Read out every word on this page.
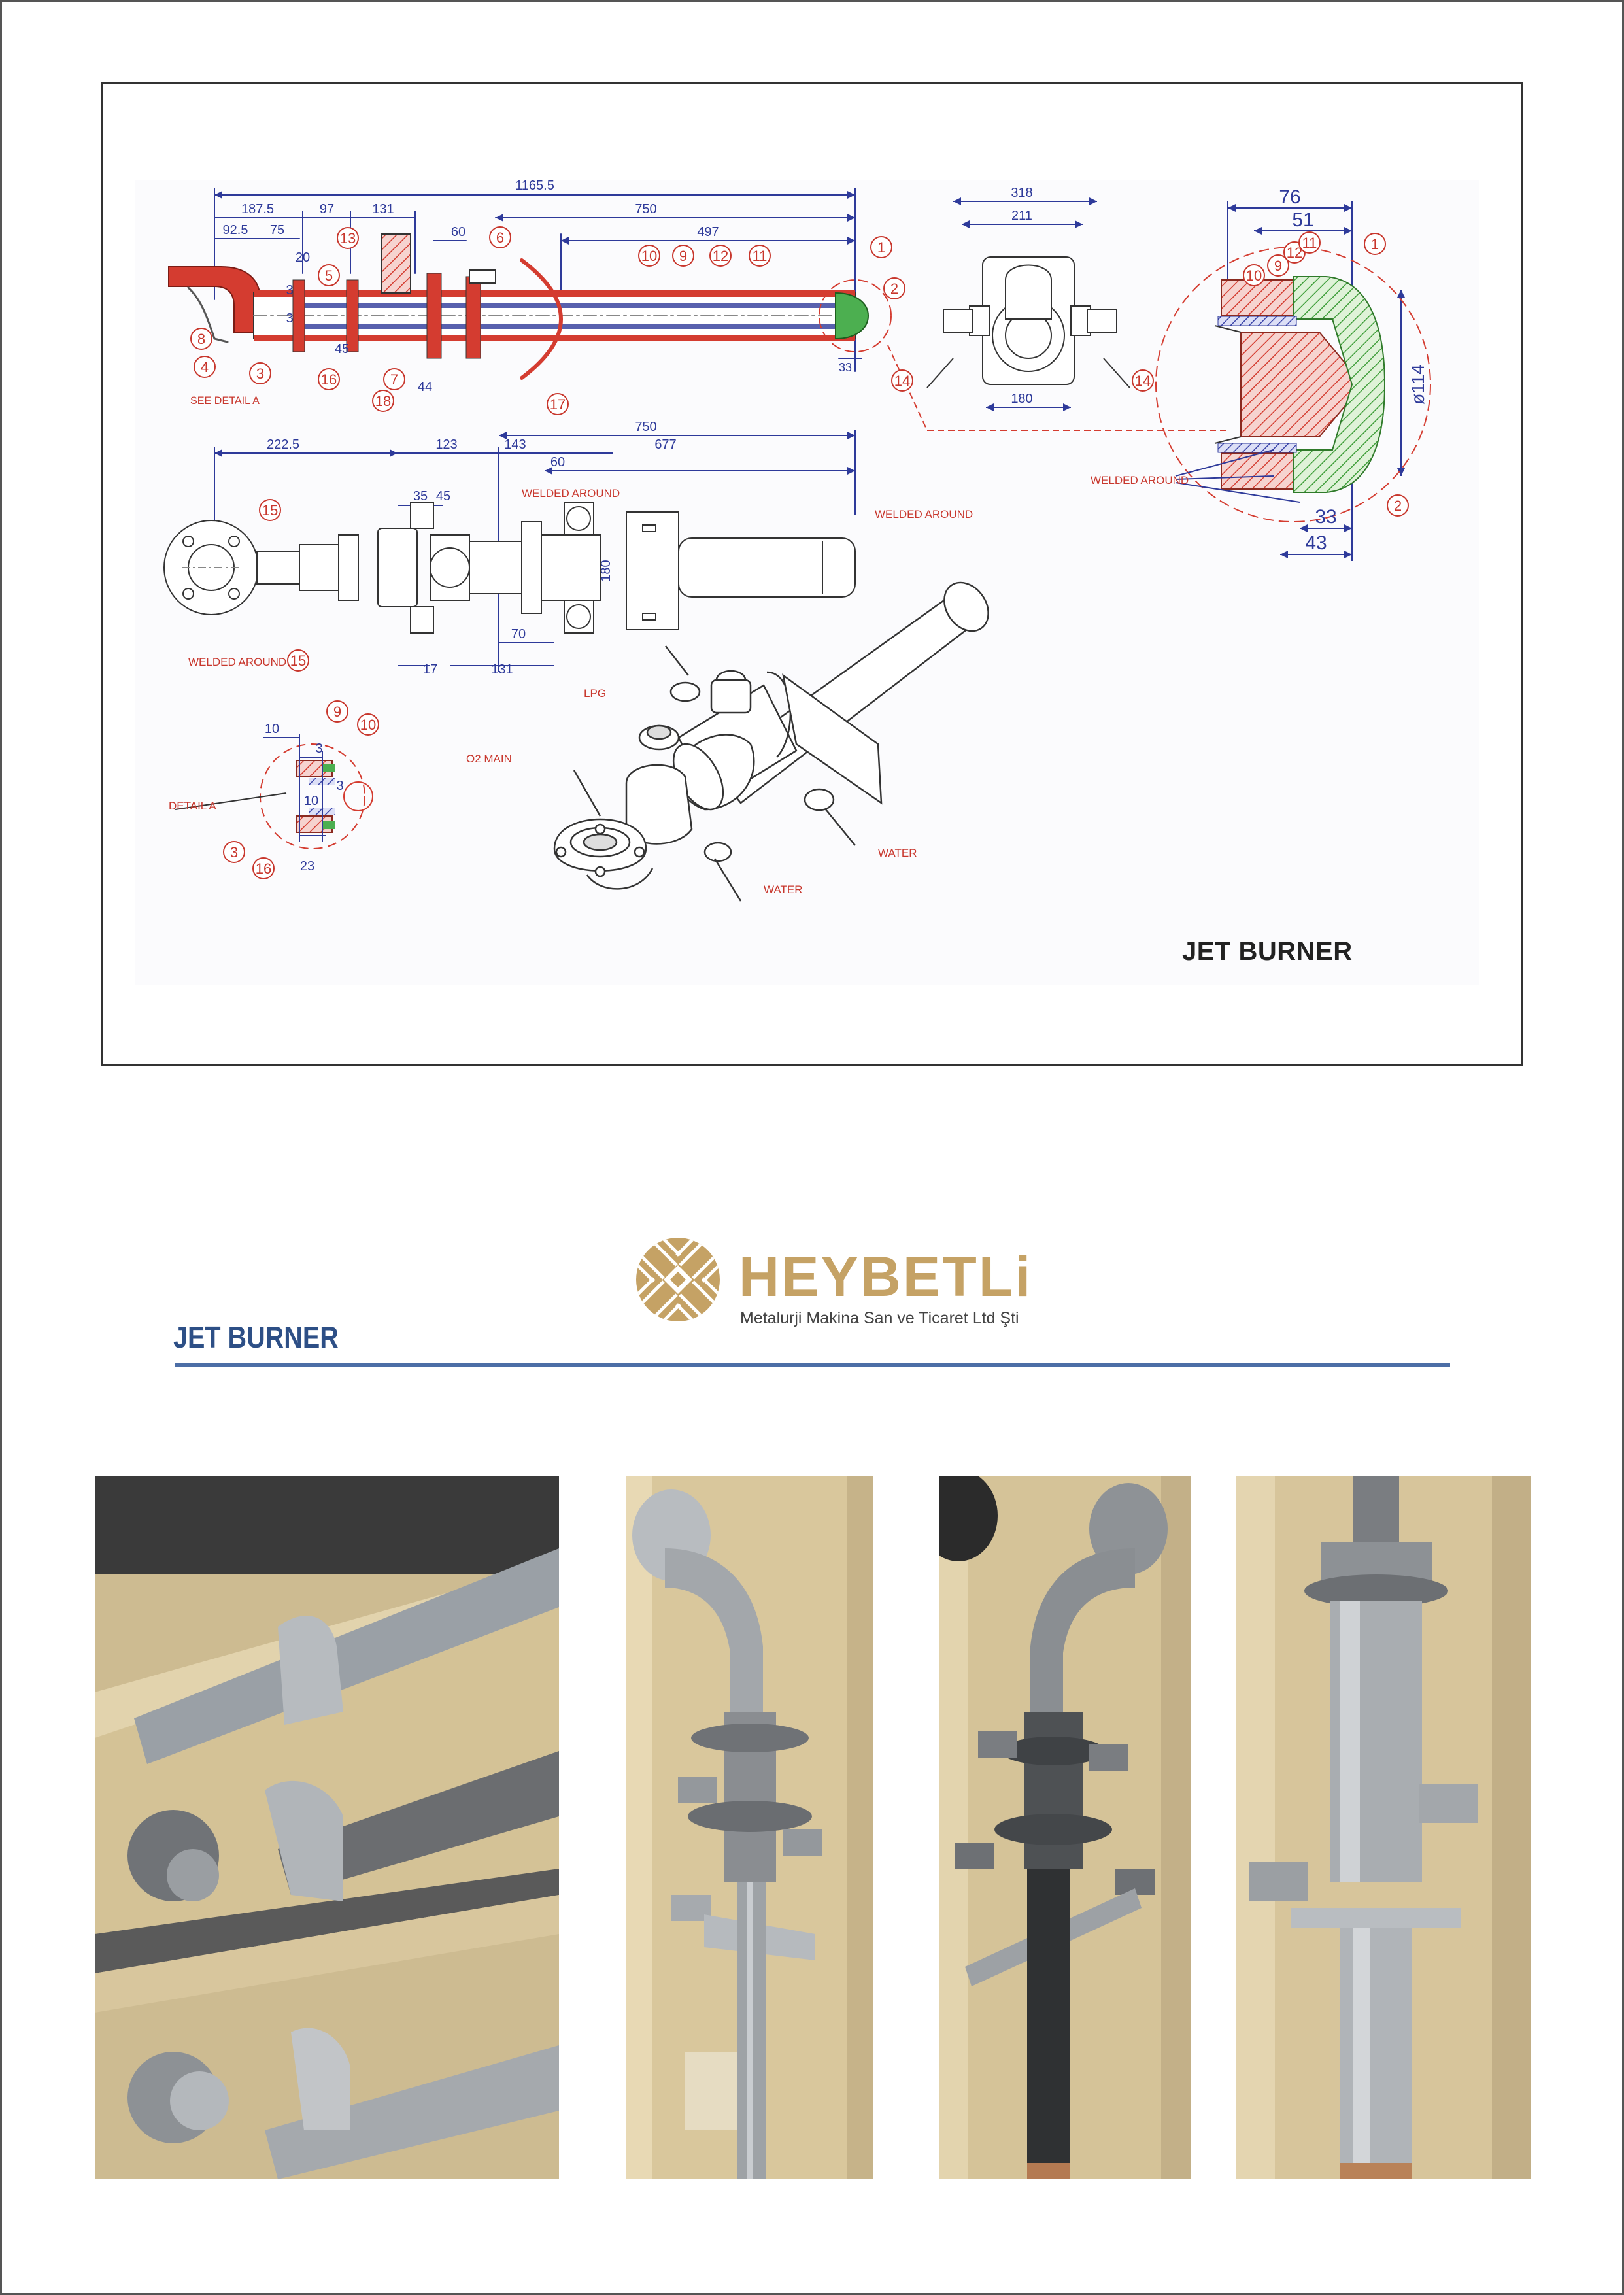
1165.5
187.5	97	131	750
92.5 75	60	497
20
3
3
45
44
318
211
180
76
51
33
43
ø114
33
222.5	123	143
750
60
677
35 45
180
70
17	131
10
3
10
3
23
1
2
3
4
5
6
7
8
9
10	11
12
13
14	14
15
15
16
17
18
1
2
10
9
12
11
9
10
3
16
SEE DETAIL A
WELDED AROUND
WELDED AROUND
WELDED AROUND
WELDED AROUND
DETAIL A
LPG
O2 MAIN
WATER
WATER
JET BURNER
HEYBETLi
Metalurji Makina San ve Ticaret Ltd Şti
JET BURNER
